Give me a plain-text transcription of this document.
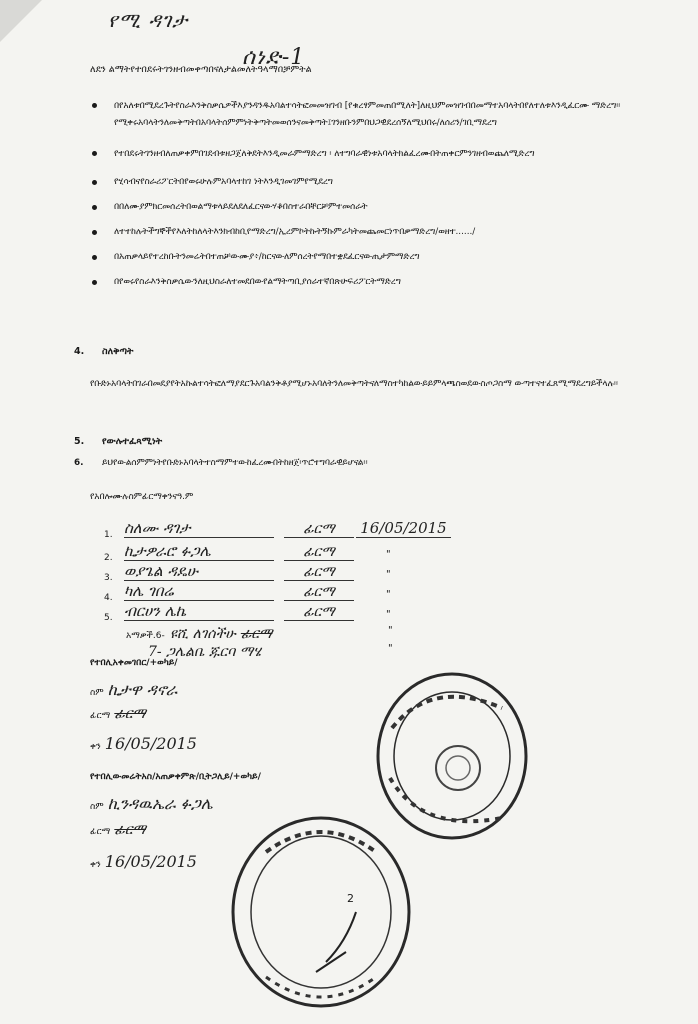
የሚ ዳገታ
ሰነድ-1
ለደን ልማትየተበደሩትገንዘብመቀጣበናለታልመለትዓላማበቻምትል
በየአለቱበሚደረጉትየስራእንቅስቃሴዎችእያንዳንዱአባልተሳትፎመመዝገብ [የቁረፃምመጠበሚለት]ለዚህምመዝገብበመማተአባላትበየለተለቱእንዲፈርሙ ማድረግ፡፡የሚቀሩአባላትንለመቅጣትበአባላትሰምምነትቅጣትመወሰንናመቅጣት፤ገንዘቡንምበህጋዊደረሰኝለሚህበሩ/ለሰሪን/ገቢማደረግ
የተበደሩትገንዘብለጠቃቀምበገደብቱዘጋጀለቅደትእንዲመራምማድረግ ፡ ለተግባራዊነቱአባላትክልፈረሙበትጠቀርምንገዘብወጨለሚድረግ
የሂሳብናየስራሪፖርትበየወሩሁሉምአባላተከገ ነትእንዲገመገምየሚደረግ
በበለሙያምክርመሰረትበወልማቱላይደለደለፈርናውሃቆበስተራበቸርቻምተመሰራት
ለተተከሉትችግኞችየእለትከለላትእንክብከቢየማድረግ/ኢረምኮትኩትኝኩምራካትመጨመርነጥበቃማድረግ/ወዘተ....../
በአጠቃላይየተረከቡትንመሬትበተጠቻውሙያ፥/ከርናውለምሰረትየማበተቋደፈርናውጢታምማድረግ
በየወሩየስራእንቅስቃሴውንለዚህስራለተመደበውየልማትጣቢያሰራተኛበጽሁፍሪፖርትማድረግ
4. ስለቅጣት
የቡድኑአባላትበገራበመደያየትአኩልተሳትፎለማያደርጉአባልንቅቶያሚሆኑአባለትንለመቅጣትናለማስተካከልውይይምላጫስወደውስጦጋስማ ውጣተናተፈጸሚማደረግይችላሉ፡፡
5. የውሉተፈጻሚነት
6. ይህየውልሰምምነትየቡድኑአባላትተስማምተውከፈረሙበትከዘጀ፡ጥሮተግባራዊይሆናል፡፡
የአበሎሙሉስምፊርማቀንናዓ.ም
1. ስለሙ ዳገታ	ፊርማ	16/05/2015
2. ኪታዎራሮ ፉጋሌ	ፊርማ	"
3. ወያጌል ዳዴሁ	ፊርማ	"
4. ካሌ ገበሬ	ፊርማ	"
5. ብርሀን ሌኬ	ፊርማ	"
አማቃች.6- ዩሺ ለገሰችሁ ፊርማ	"
7- ጋሌልቤ ጁርባ ማሄ	"
የተበሊአቀመገበር/+ወካይ/
ስም ኪታዋ ዳኖራ
ፊርማ ፊርማ
ቀን 16/05/2015
የተበሊውመሬትአስ/አጠቃቀምጽ/ቢትጋሊይ/+ወካይ/
ስም ኪንዳዉኤራ ፉጋሌ
ፊርማ ፊርማ
ቀን 16/05/2015
2
